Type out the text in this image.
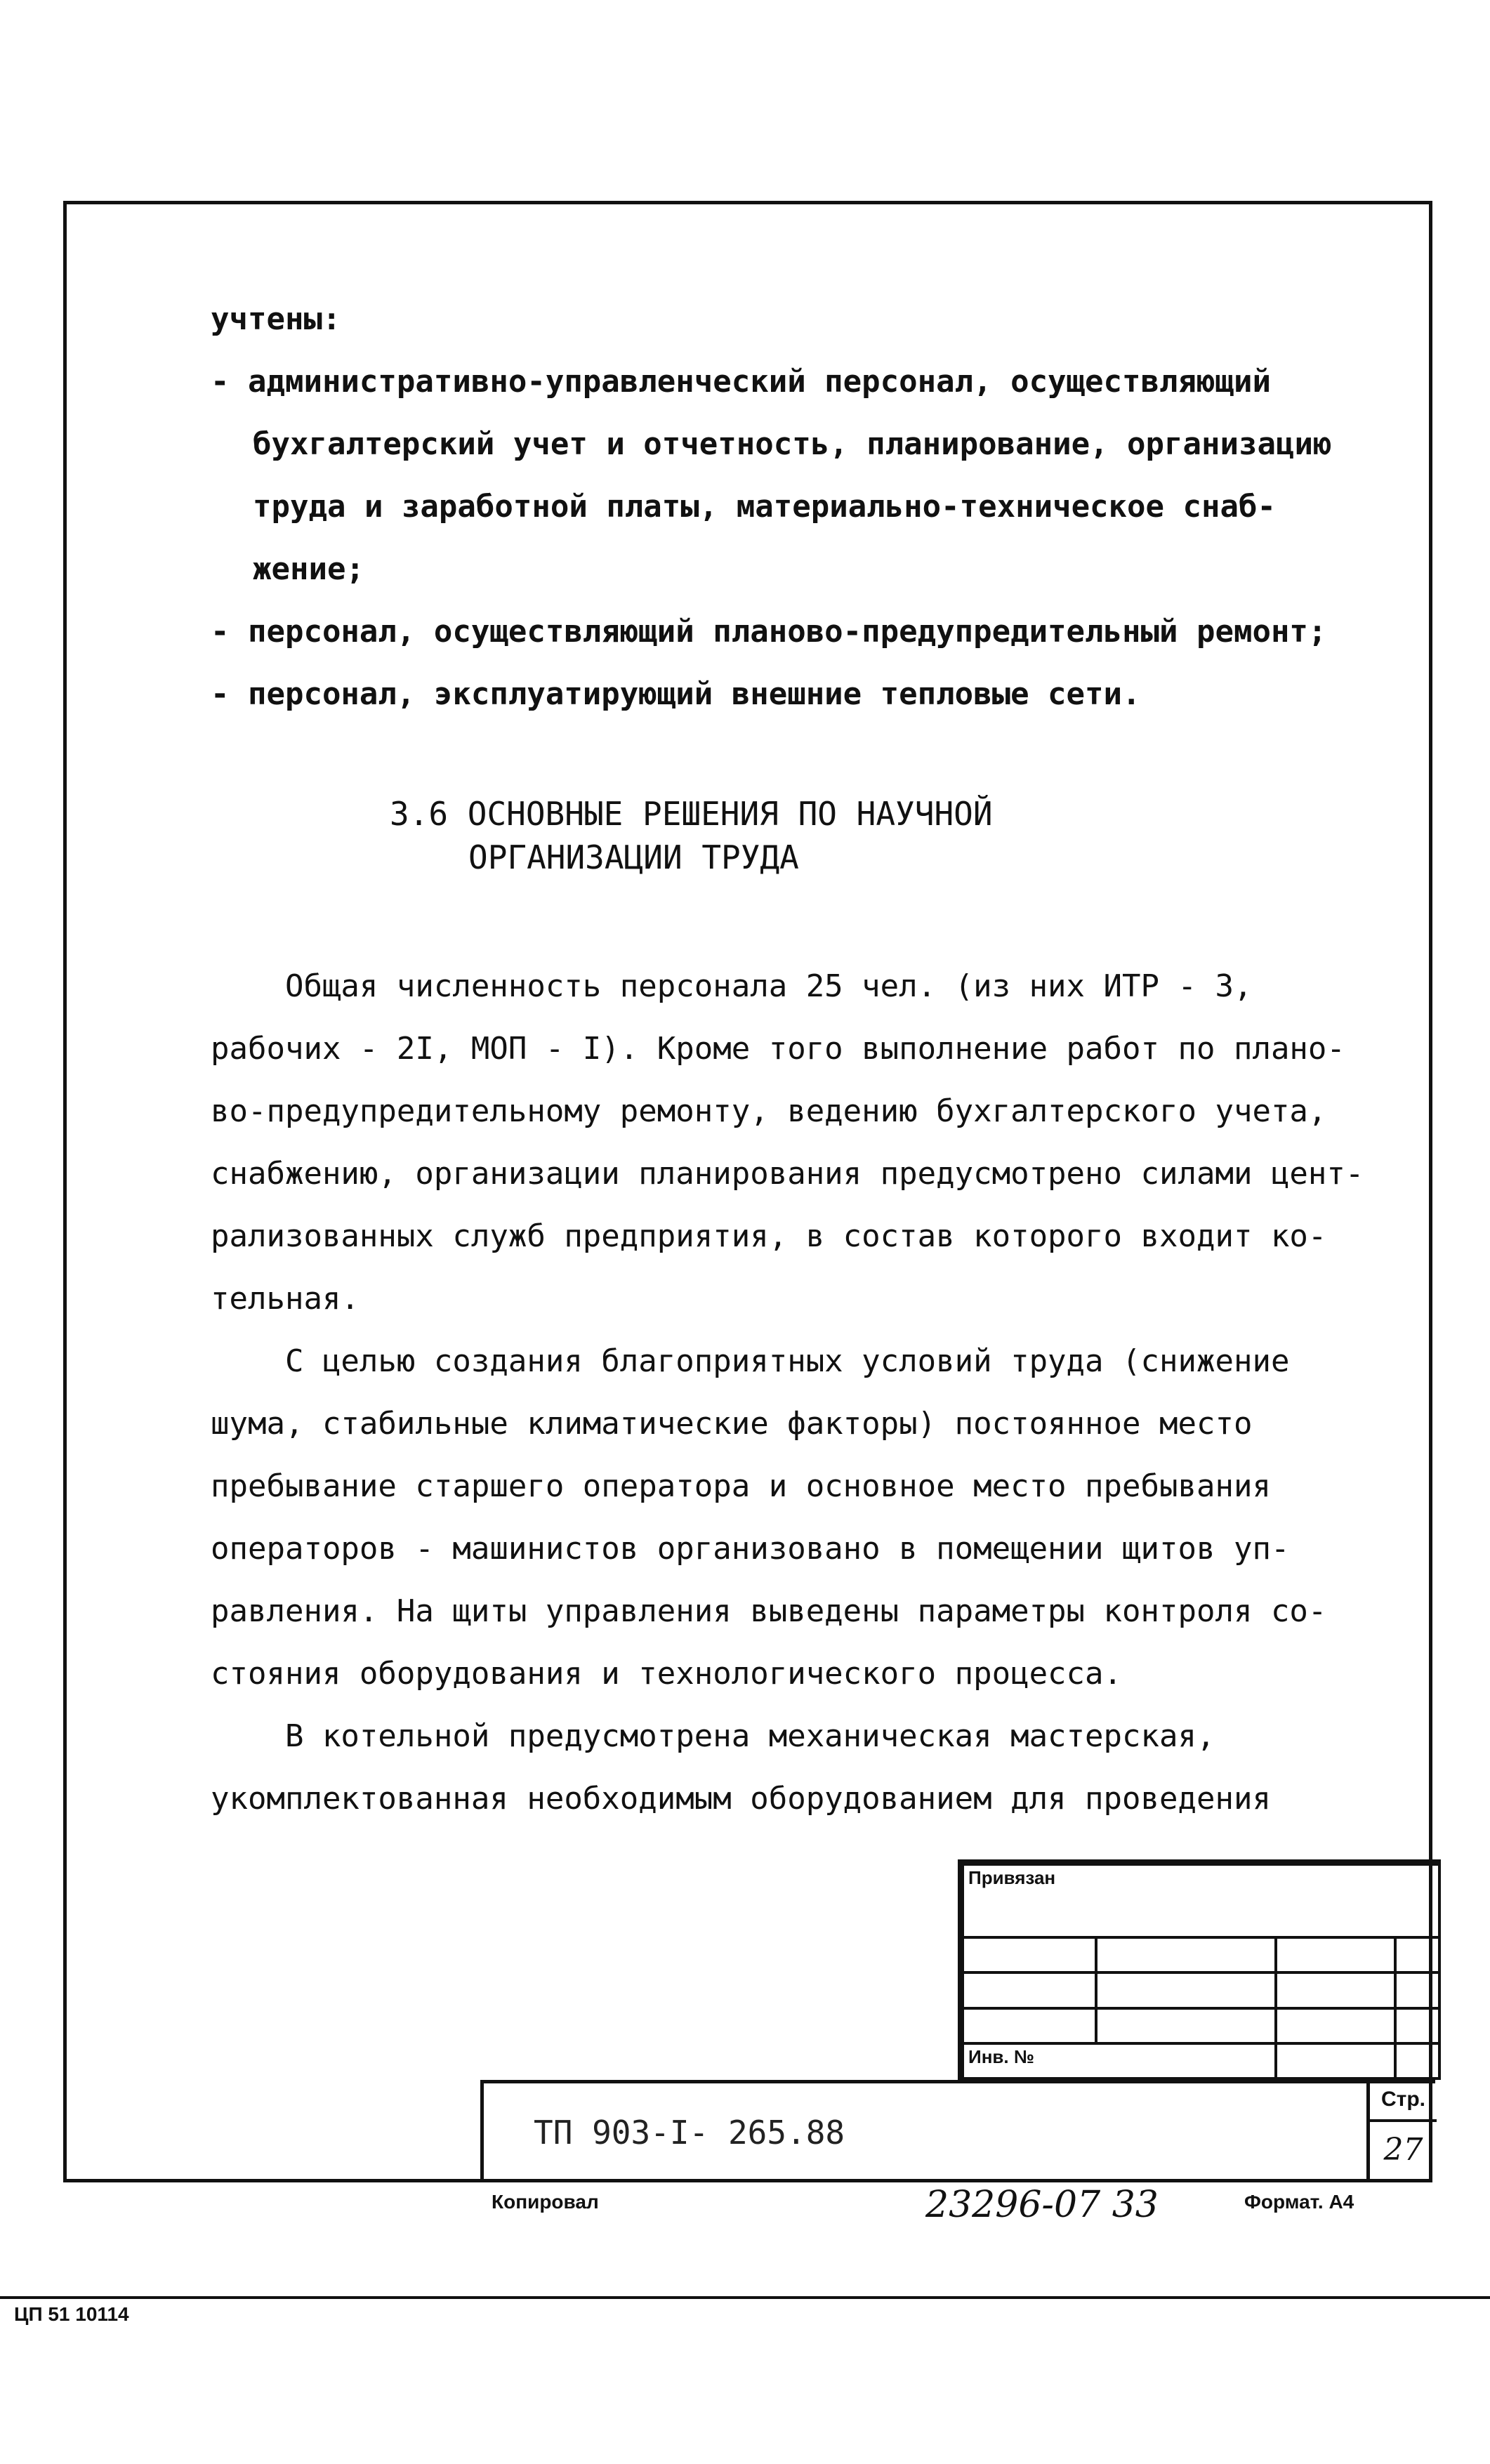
учтены:
- административно-управленческий персонал, осуществляющий
бухгалтерский учет и отчетность, планирование, организацию
труда и заработной платы, материально-техническое снаб-
жение;
- персонал, осуществляющий планово-предупредительный ремонт;
- персонал, эксплуатирующий внешние тепловые сети.
3.6 ОСНОВНЫЕ РЕШЕНИЯ ПО НАУЧНОЙ
ОРГАНИЗАЦИИ ТРУДА
Общая численность персонала 25 чел. (из них ИТР - 3,
рабочих - 2I, МОП - I). Кроме того выполнение работ по плано-
во-предупредительному ремонту, ведению бухгалтерского учета,
снабжению, организации планирования предусмотрено силами цент-
рализованных служб предприятия, в состав которого входит ко-
тельная.
С целью создания благоприятных условий труда (снижение
шума, стабильные климатические факторы) постоянное место
пребывание старшего оператора и основное место пребывания
операторов - машинистов организовано в помещении щитов уп-
равления. На щиты управления выведены параметры контроля со-
стояния оборудования и технологического процесса.
В котельной предусмотрена механическая мастерская,
укомплектованная необходимым оборудованием для проведения
Привязан			

Инв. №			
ТП 903-I- 265.88
Стр.
27
Копировал	23296-07 33	Формат. А4
ЦП 51 10114
